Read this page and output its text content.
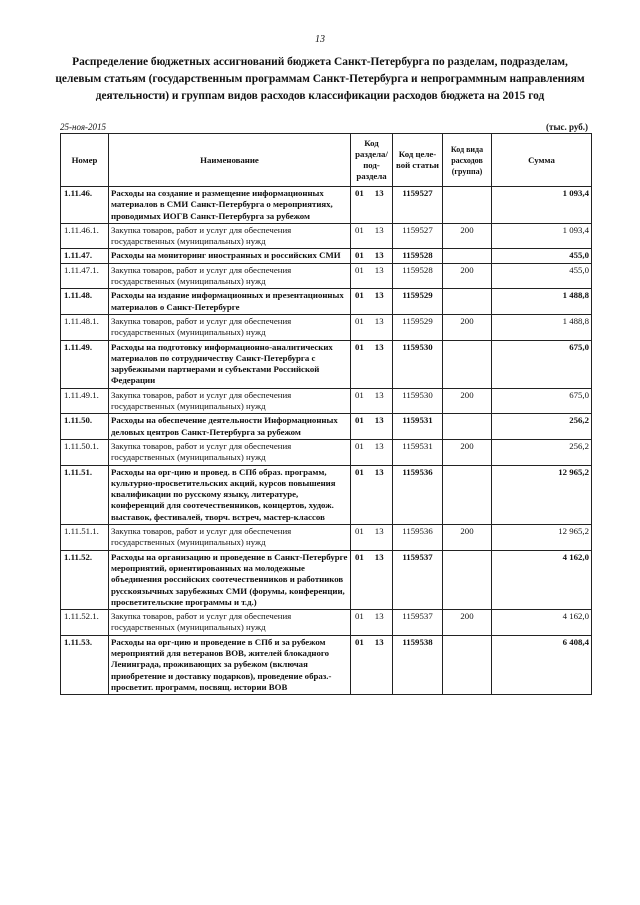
13
Распределение бюджетных ассигнований бюджета Санкт-Петербурга по разделам, подразделам, целевым статьям (государственным программам Санкт-Петербурга и непрограммным направлениям деятельности) и группам видов расходов классификации расходов бюджета на 2015 год
25-ноя-2015	(тыс. руб.)
Номер	Наименование	Код раздела/ под- раздела	Код целе- вой статьи	Код вида расходов (группа)	Сумма
1.11.46.	Расходы на создание и размещение информационных материалов в СМИ Санкт-Петербурга о мероприятиях, проводимых ИОГВ Санкт-Петербурга за рубежом	01 13	1159527		1 093,4
1.11.46.1.	Закупка товаров, работ и услуг для обеспечения государственных (муниципальных) нужд	01 13	1159527	200	1 093,4
1.11.47.	Расходы на мониторинг иностранных и российских СМИ	01 13	1159528		455,0
1.11.47.1.	Закупка товаров, работ и услуг для обеспечения государственных (муниципальных) нужд	01 13	1159528	200	455,0
1.11.48.	Расходы на издание информационных и презентационных материалов о Санкт-Петербурге	01 13	1159529		1 488,8
1.11.48.1.	Закупка товаров, работ и услуг для обеспечения государственных (муниципальных) нужд	01 13	1159529	200	1 488,8
1.11.49.	Расходы на подготовку информационно-аналитических материалов по сотрудничеству Санкт-Петербурга с зарубежными партнерами и субъектами Российской Федерации	01 13	1159530		675,0
1.11.49.1.	Закупка товаров, работ и услуг для обеспечения государственных (муниципальных) нужд	01 13	1159530	200	675,0
1.11.50.	Расходы на обеспечение деятельности Информационных деловых центров Санкт-Петербурга за рубежом	01 13	1159531		256,2
1.11.50.1.	Закупка товаров, работ и услуг для обеспечения государственных (муниципальных) нужд	01 13	1159531	200	256,2
1.11.51.	Расходы на орг-цию и провед. в СПб образ. программ, культурно-просветительских акций, курсов повышения квалификации по русскому языку, литературе, конференций для соотечественников, концертов, худож. выставок, фестивалей, творч. встреч, мастер-классов	01 13	1159536		12 965,2
1.11.51.1.	Закупка товаров, работ и услуг для обеспечения государственных (муниципальных) нужд	01 13	1159536	200	12 965,2
1.11.52.	Расходы на организацию и проведение в Санкт-Петербурге мероприятий, ориентированных на молодежные объединения российских соотечественников и работников русскоязычных зарубежных СМИ (форумы, конференции, просветительские программы и т.д.)	01 13	1159537		4 162,0
1.11.52.1.	Закупка товаров, работ и услуг для обеспечения государственных (муниципальных) нужд	01 13	1159537	200	4 162,0
1.11.53.	Расходы на орг-цию и проведение в СПб и за рубежом мероприятий для ветеранов ВОВ, жителей блокадного Ленинграда, проживающих за рубежом (включая приобретение и доставку подарков), проведение образ.-просветит. программ, посвящ. истории ВОВ	01 13	1159538		6 408,4
